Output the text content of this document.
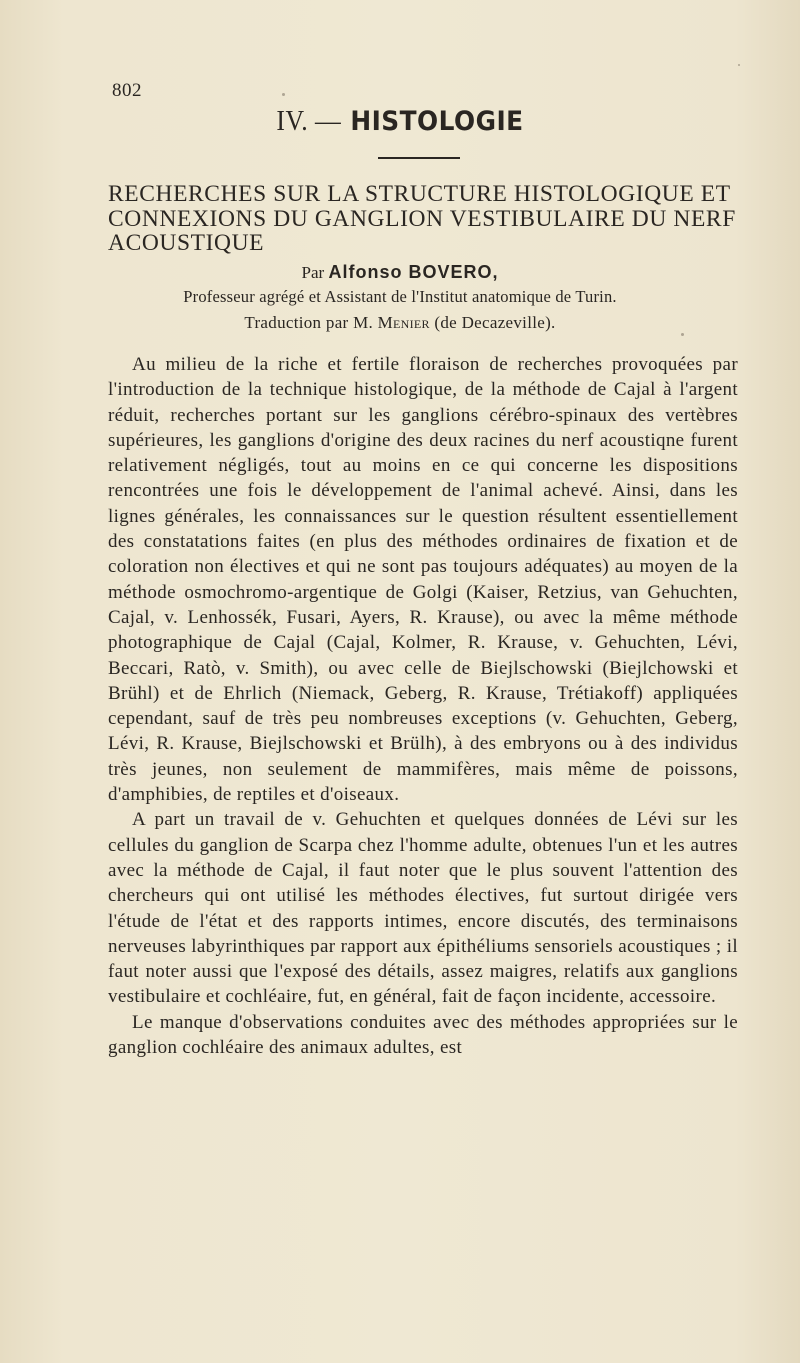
802
IV. — HISTOLOGIE
RECHERCHES SUR LA STRUCTURE HISTOLOGIQUE ET CONNEXIONS DU GANGLION VESTIBULAIRE DU NERF ACOUSTIQUE
Par Alfonso BOVERO,
Professeur agrégé et Assistant de l'Institut anatomique de Turin.
Traduction par M. Menier (de Decazeville).

Au milieu de la riche et fertile floraison de recherches provoquées par l'introduction de la technique histologique, de la méthode de Cajal à l'argent réduit, recherches portant sur les ganglions cérébro-spinaux des vertèbres supérieures, les ganglions d'origine des deux racines du nerf acoustiqne furent relativement négligés, tout au moins en ce qui concerne les dispositions rencontrées une fois le développement de l'animal achevé. Ainsi, dans les lignes générales, les connaissances sur le question résultent essentiellement des constatations faites (en plus des méthodes ordinaires de fixation et de coloration non électives et qui ne sont pas toujours adéquates) au moyen de la méthode osmochromo-argentique de Golgi (Kaiser, Retzius, van Gehuchten, Cajal, v. Lenhossék, Fusari, Ayers, R. Krause), ou avec la même méthode photographique de Cajal (Cajal, Kolmer, R. Krause, v. Gehuchten, Lévi, Beccari, Ratò, v. Smith), ou avec celle de Biejlschowski (Biejlchowski et Brühl) et de Ehrlich (Niemack, Geberg, R. Krause, Trétiakoff) appliquées cependant, sauf de très peu nombreuses exceptions (v. Gehuchten, Geberg, Lévi, R. Krause, Biejlschowski et Brülh), à des embryons ou à des individus très jeunes, non seulement de mammifères, mais même de poissons, d'amphibies, de reptiles et d'oiseaux.

A part un travail de v. Gehuchten et quelques données de Lévi sur les cellules du ganglion de Scarpa chez l'homme adulte, obtenues l'un et les autres avec la méthode de Cajal, il faut noter que le plus souvent l'attention des chercheurs qui ont utilisé les méthodes électives, fut surtout dirigée vers l'étude de l'état et des rapports intimes, encore discutés, des terminaisons nerveuses labyrinthiques par rapport aux épithéliums sensoriels acoustiques ; il faut noter aussi que l'exposé des détails, assez maigres, relatifs aux ganglions vestibulaire et cochléaire, fut, en général, fait de façon incidente, accessoire.

Le manque d'observations conduites avec des méthodes appropriées sur le ganglion cochléaire des animaux adultes, est
